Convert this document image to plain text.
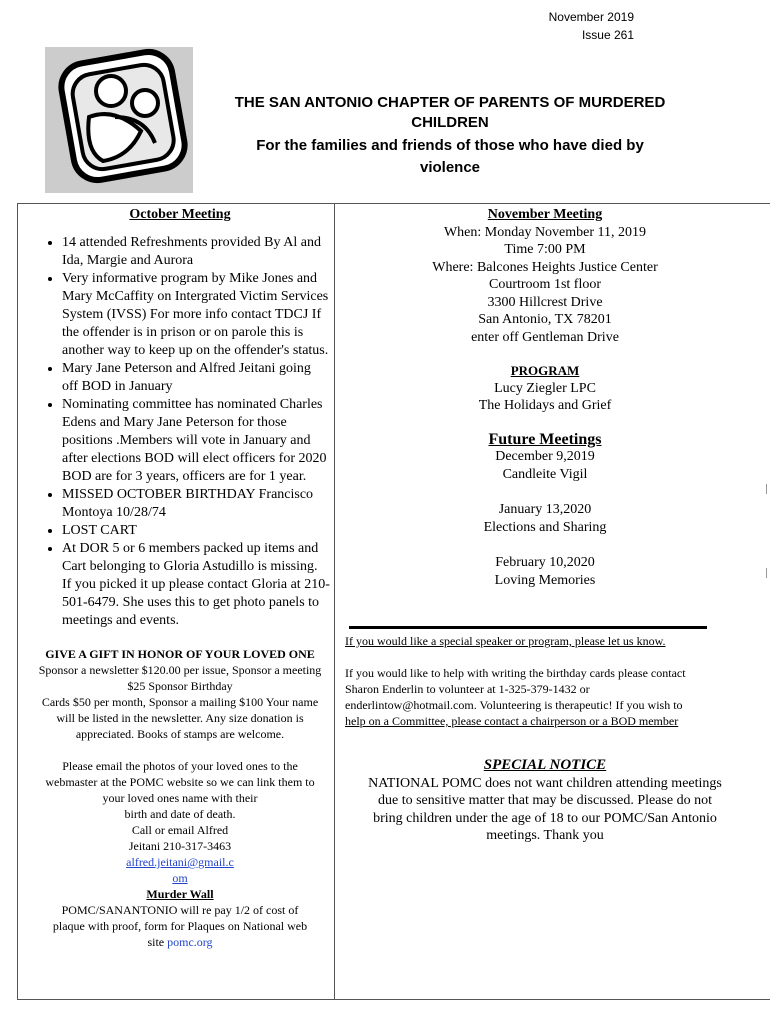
November 2019
Issue 261
THE SAN ANTONIO CHAPTER OF PARENTS OF MURDERED
CHILDREN
For the families and friends of those who have died by
violence
October Meeting
• 14 attended Refreshments provided By Al and Ida, Margie and Aurora
• Very informative program by Mike Jones and Mary McCaffity on Intergrated Victim Services System (IVSS) For more info contact TDCJ If the offender is in prison or on parole this is another way to keep up on the offender's status.
• Mary Jane Peterson and Alfred Jeitani going off BOD in January
• Nominating committee has nominated Charles Edens and Mary Jane Peterson for those positions .Members will vote in January and after elections BOD will elect officers for 2020 BOD are for 3 years, officers are for 1 year.
• MISSED OCTOBER BIRTHDAY Francisco Montoya 10/28/74
• LOST CART
• At DOR 5 or 6 members packed up items and Cart belonging to Gloria Astudillo is missing. If you picked it up please contact Gloria at 210-501-6479. She uses this to get photo panels to meetings and events.
GIVE A GIFT IN HONOR OF YOUR LOVED ONE
Sponsor a newsletter $120.00 per issue, Sponsor a meeting
$25 Sponsor Birthday
Cards $50 per month, Sponsor a mailing $100 Your name
will be listed in the newsletter. Any size donation is
appreciated. Books of stamps are welcome.
Please email the photos of your loved ones to the
webmaster at the POMC website so we can link them to
your loved ones name with their
birth and date of death.
Call or email Alfred
Jeitani 210-317-3463
alfred.jeitani@gmail.c
om
Murder Wall
POMC/SANANTONIO will re pay 1/2 of cost of
plaque with proof, form for Plaques on National web
site pomc.org
November Meeting
When: Monday November 11, 2019
Time 7:00 PM
Where: Balcones Heights Justice Center
Courtroom 1st floor
3300 Hillcrest Drive
San Antonio, TX 78201
enter off Gentleman Drive
PROGRAM
Lucy Ziegler LPC
The Holidays and Grief
Future Meetings
December 9,2019
Candleite Vigil
January 13,2020
Elections and Sharing
February 10,2020
Loving Memories
If you would like a special speaker or program, please let us know.
If you would like to help with writing the birthday cards please contact
Sharon Enderlin to volunteer at 1-325-379-1432 or
enderlintow@hotmail.com. Volunteering is therapeutic! If you wish to
help on a Committee, please contact a chairperson or a BOD member
SPECIAL NOTICE
NATIONAL POMC does not want children attending meetings
due to sensitive matter that may be discussed. Please do not
bring children under the age of 18 to our POMC/San Antonio
meetings. Thank you
